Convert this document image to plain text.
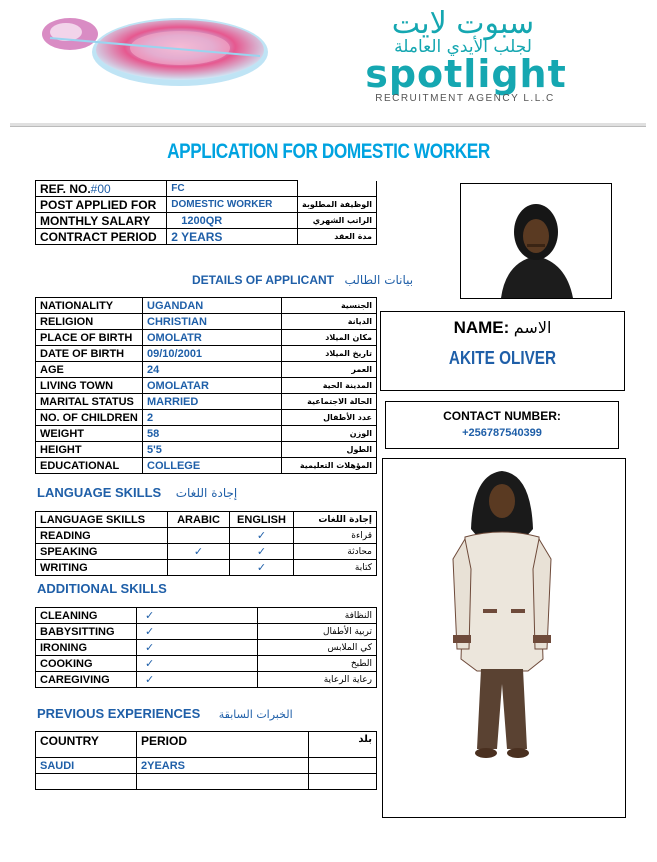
سبوت لايت
لجلب الأيدي العاملة
spotlight
RECRUITMENT AGENCY L.L.C
APPLICATION FOR DOMESTIC WORKER
REF. NO.#00	FC	
POST APPLIED FOR	DOMESTIC WORKER	الوظيفة المطلوبة
MONTHLY SALARY	1200QR	الراتب الشهري
CONTRACT PERIOD	2 YEARS	مدة العقد
DETAILS OF APPLICANT بيانات الطالب
NATIONALITY	UGANDAN	الجنسية
RELIGION	CHRISTIAN	الديانة
PLACE OF BIRTH	OMOLATR	مكان الميلاد
DATE OF BIRTH	09/10/2001	تاريخ الميلاد
AGE	24	العمر
LIVING TOWN	OMOLATAR	المدينة الحية
MARITAL STATUS	MARRIED	الحالة الاجتماعية
NO. OF CHILDREN	2	عدد الأطفال
WEIGHT	58	الوزن
HEIGHT	5'5	الطول
EDUCATIONAL	COLLEGE	المؤهلات التعليمية
NAME: الاسم
AKITE OLIVER
CONTACT NUMBER:
+256787540399
LANGUAGE SKILLS إجادة اللغات
LANGUAGE SKILLS	ARABIC	ENGLISH	إجادة اللغات
READING		✓	قراءة
SPEAKING	✓	✓	محادثة
WRITING		✓	كتابة
ADDITIONAL SKILLS
CLEANING	✓	النظافة
BABYSITTING	✓	تربية الأطفال
IRONING	✓	كي الملابس
COOKING	✓	الطبخ
CAREGIVING	✓	رعاية الرعاية
PREVIOUS EXPERIENCES الخبرات السابقة
COUNTRY	PERIOD	بلد
SAUDI	2YEARS	
